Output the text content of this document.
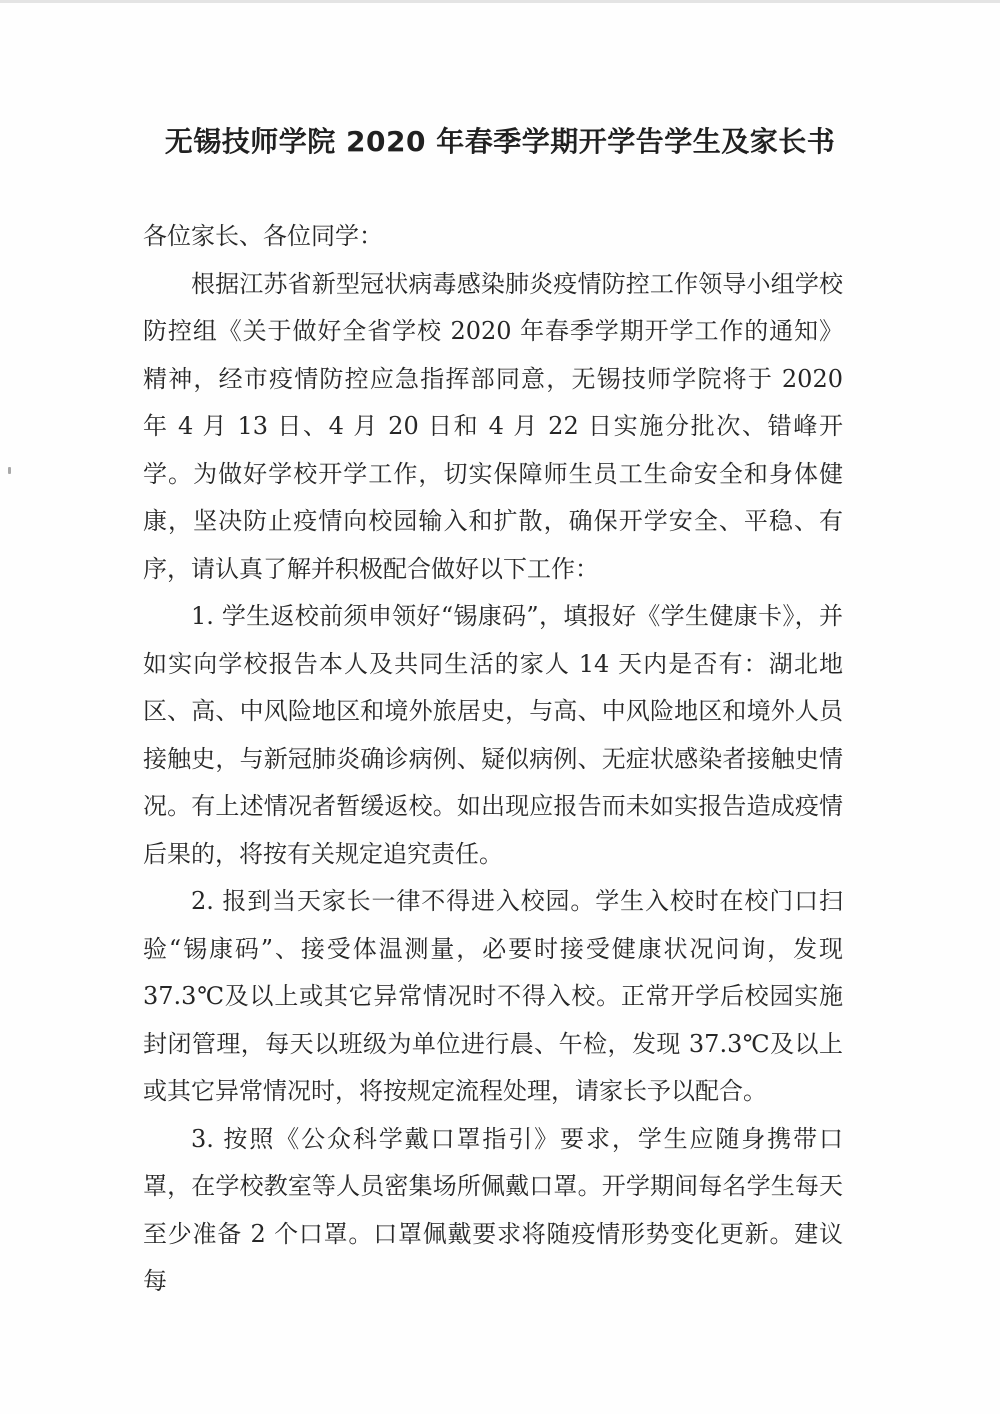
无锡技师学院 2020 年春季学期开学告学生及家长书

各位家长、各位同学：

根据江苏省新型冠状病毒感染肺炎疫情防控工作领导小组学校防控组《关于做好全省学校 2020 年春季学期开学工作的通知》精神，经市疫情防控应急指挥部同意，无锡技师学院将于 2020 年 4 月 13 日、4 月 20 日和 4 月 22 日实施分批次、错峰开学。为做好学校开学工作，切实保障师生员工生命安全和身体健康，坚决防止疫情向校园输入和扩散，确保开学安全、平稳、有序，请认真了解并积极配合做好以下工作：

1. 学生返校前须申领好“锡康码”，填报好《学生健康卡》，并如实向学校报告本人及共同生活的家人 14 天内是否有：湖北地区、高、中风险地区和境外旅居史，与高、中风险地区和境外人员接触史，与新冠肺炎确诊病例、疑似病例、无症状感染者接触史情况。有上述情况者暂缓返校。如出现应报告而未如实报告造成疫情后果的，将按有关规定追究责任。

2. 报到当天家长一律不得进入校园。学生入校时在校门口扫验“锡康码”、接受体温测量，必要时接受健康状况问询，发现 37.3℃及以上或其它异常情况时不得入校。正常开学后校园实施封闭管理，每天以班级为单位进行晨、午检，发现 37.3℃及以上或其它异常情况时，将按规定流程处理，请家长予以配合。

3. 按照《公众科学戴口罩指引》要求，学生应随身携带口罩，在学校教室等人员密集场所佩戴口罩。开学期间每名学生每天至少准备 2 个口罩。口罩佩戴要求将随疫情形势变化更新。建议每
